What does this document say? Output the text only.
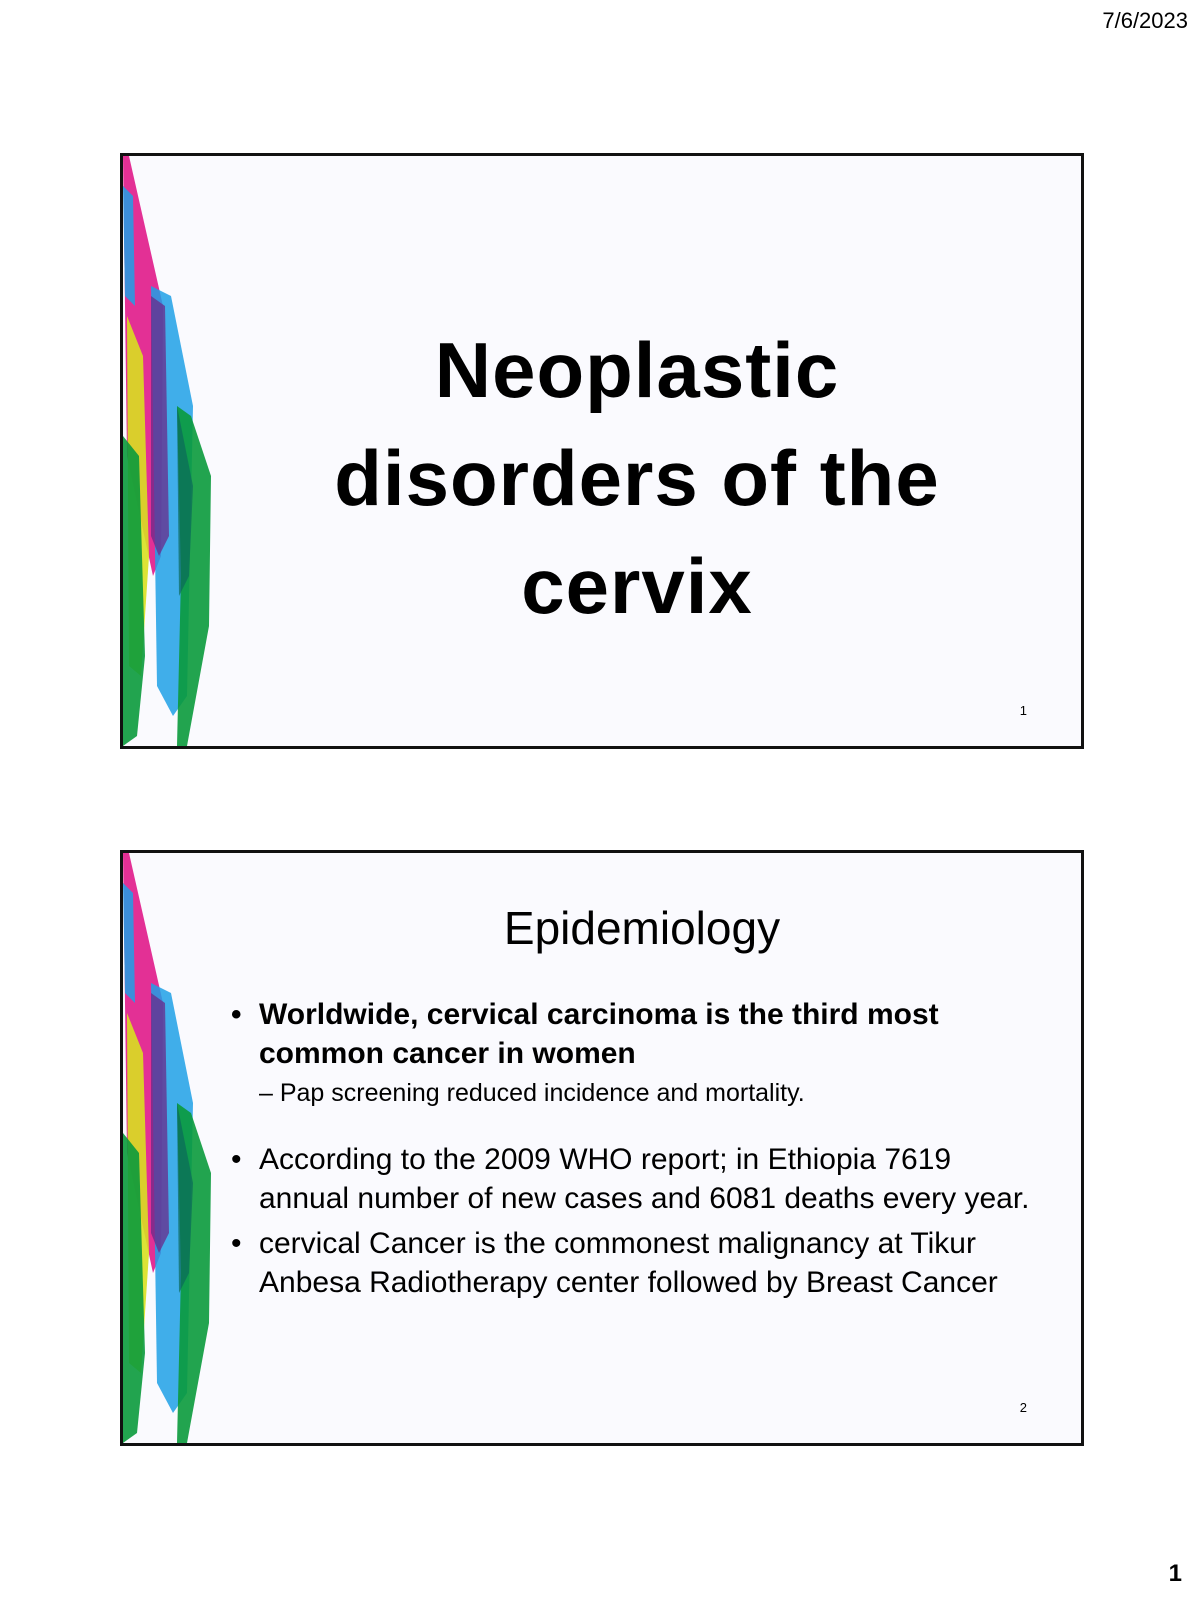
7/6/2023
Neoplastic
disorders of the
cervix
1
Epidemiology
• Worldwide, cervical carcinoma is the third most common cancer in women
– Pap screening reduced incidence and mortality.
• According to the 2009 WHO report; in Ethiopia 7619 annual number of new cases and 6081 deaths every year.
• cervical Cancer is the commonest malignancy at Tikur Anbesa Radiotherapy center followed by Breast Cancer
2
1
